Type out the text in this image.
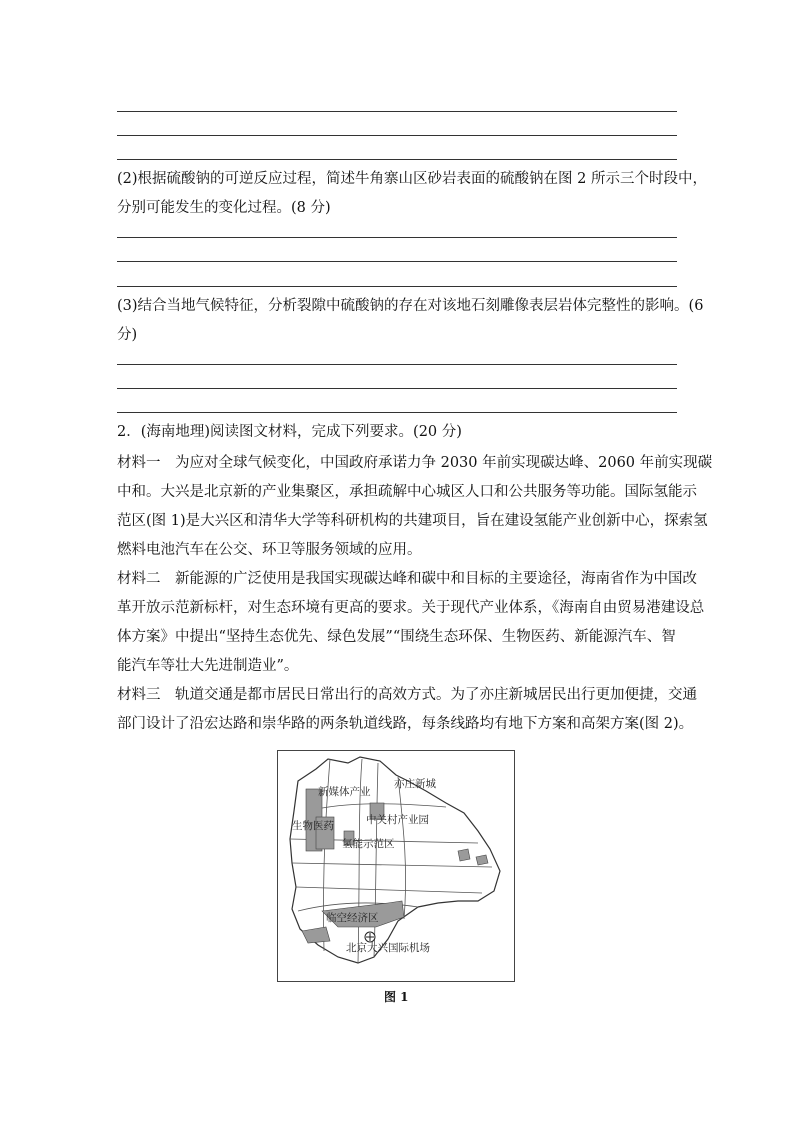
(2)根据硫酸钠的可逆反应过程，简述牛角寨山区砂岩表面的硫酸钠在图 2 所示三个时段中，
分别可能发生的变化过程。(8 分)
(3)结合当地气候特征，分析裂隙中硫酸钠的存在对该地石刻雕像表层岩体完整性的影响。(6
分)
2．(海南地理)阅读图文材料，完成下列要求。(20 分)
材料一　为应对全球气候变化，中国政府承诺力争 2030 年前实现碳达峰、2060 年前实现碳
中和。大兴是北京新的产业集聚区，承担疏解中心城区人口和公共服务等功能。国际氢能示
范区(图 1)是大兴区和清华大学等科研机构的共建项目，旨在建设氢能产业创新中心，探索氢
燃料电池汽车在公交、环卫等服务领域的应用。
材料二　新能源的广泛使用是我国实现碳达峰和碳中和目标的主要途径，海南省作为中国改
革开放示范新标杆，对生态环境有更高的要求。关于现代产业体系，《海南自由贸易港建设总
体方案》中提出“坚持生态优先、绿色发展”“围绕生态环保、生物医药、新能源汽车、智
能汽车等壮大先进制造业”。
材料三　轨道交通是都市居民日常出行的高效方式。为了亦庄新城居民出行更加便捷，交通
部门设计了沿宏达路和崇华路的两条轨道线路，每条线路均有地下方案和高架方案(图 2)。
新媒体产业
亦庄新城
中关村产业园
生物医药
氢能示范区
临空经济区
北京大兴国际机场
图 1
